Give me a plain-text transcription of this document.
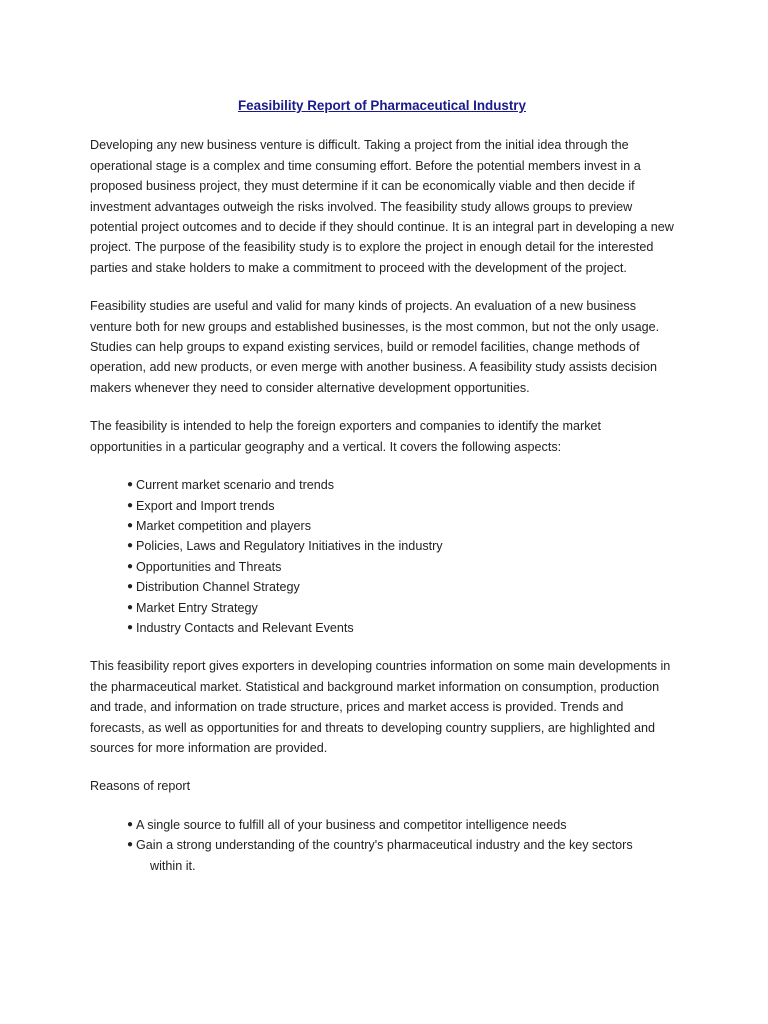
Feasibility Report of Pharmaceutical Industry

Developing any new business venture is difficult. Taking a project from the initial idea through the operational stage is a complex and time consuming effort. Before the potential members invest in a proposed business project, they must determine if it can be economically viable and then decide if investment advantages outweigh the risks involved. The feasibility study allows groups to preview potential project outcomes and to decide if they should continue. It is an integral part in developing a new project. The purpose of the feasibility study is to explore the project in enough detail for the interested parties and stake holders to make a commitment to proceed with the development of the project.

Feasibility studies are useful and valid for many kinds of projects. An evaluation of a new business venture both for new groups and established businesses, is the most common, but not the only usage. Studies can help groups to expand existing services, build or remodel facilities, change methods of operation, add new products, or even merge with another business. A feasibility study assists decision makers whenever they need to consider alternative development opportunities.

The feasibility is intended to help the foreign exporters and companies to identify the market opportunities in a particular geography and a vertical. It covers the following aspects:

● Current market scenario and trends
● Export and Import trends
● Market competition and players
● Policies, Laws and Regulatory Initiatives in the industry
● Opportunities and Threats
● Distribution Channel Strategy
● Market Entry Strategy
● Industry Contacts and Relevant Events

This feasibility report gives exporters in developing countries information on some main developments in the pharmaceutical market. Statistical and background market information on consumption, production and trade, and information on trade structure, prices and market access is provided. Trends and forecasts, as well as opportunities for and threats to developing country suppliers, are highlighted and sources for more information are provided.

Reasons of report

● A single source to fulfill all of your business and competitor intelligence needs
● Gain a strong understanding of the country's pharmaceutical industry and the key sectors
within it.
